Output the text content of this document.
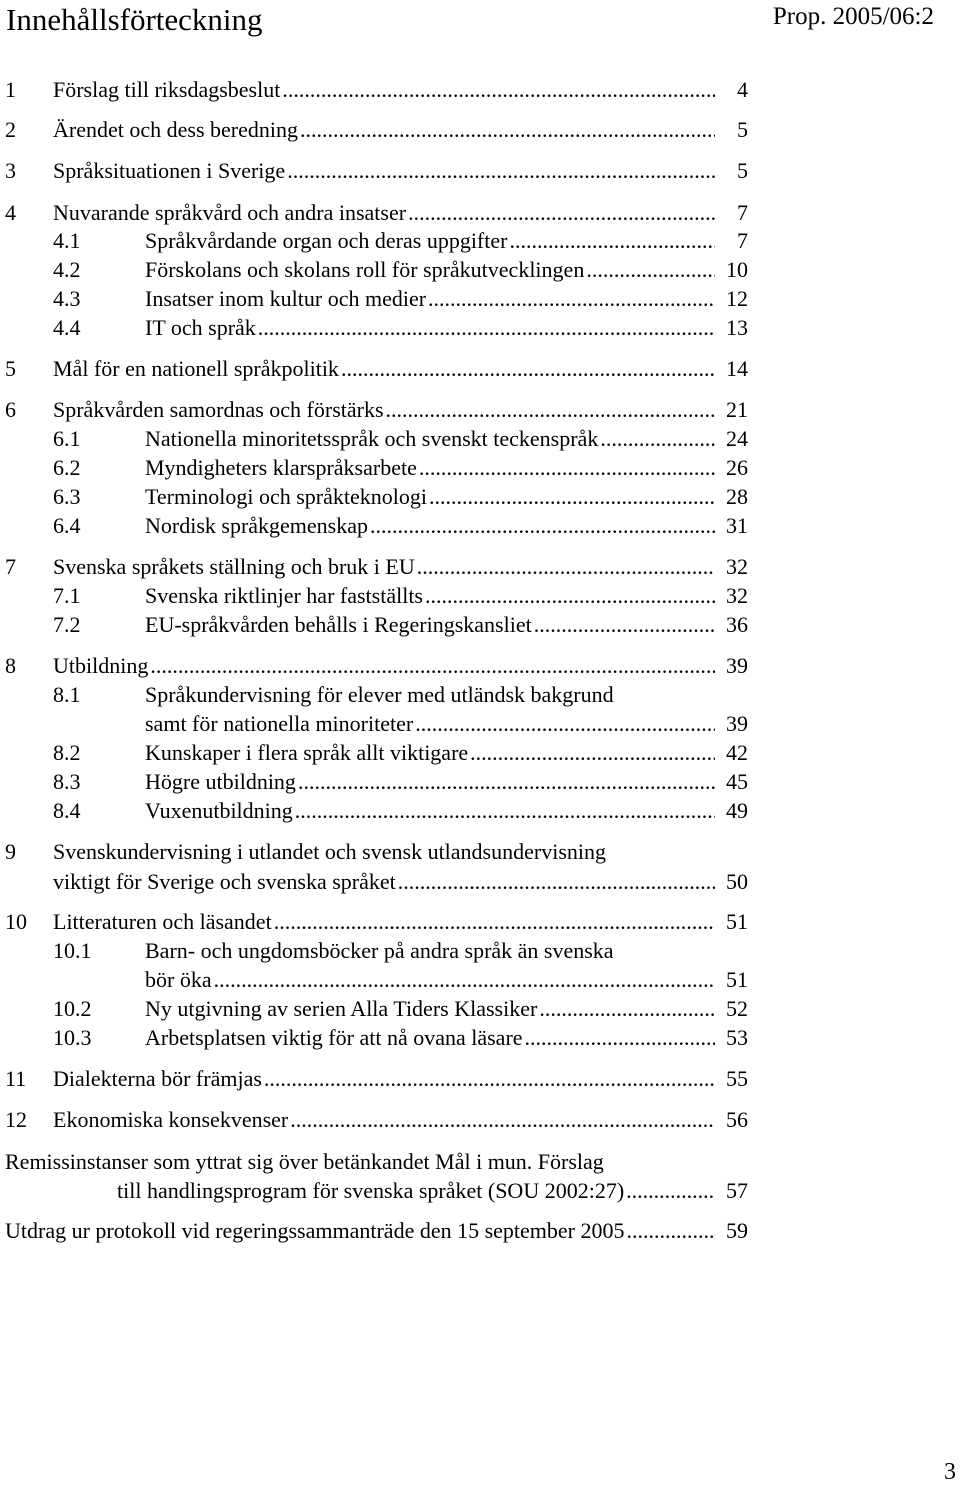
Innehållsförteckning	Prop. 2005/06:2
1 Förslag till riksdagsbeslut .....	4
2 Ärendet och dess beredning .....	5
3 Språksituationen i Sverige .....	5
4 Nuvarande språkvård och andra insatser .....	7
4.1	Språkvårdande organ och deras uppgifter .....	7
4.2	Förskolans och skolans roll för språkutvecklingen .....	10
4.3	Insatser inom kultur och medier .....	12
4.4	IT och språk .....	13
5 Mål för en nationell språkpolitik .....	14
6 Språkvården samordnas och förstärks .....	21
6.1	Nationella minoritetsspråk och svenskt teckenspråk .....	24
6.2	Myndigheters klarspråksarbete .....	26
6.3	Terminologi och språkteknologi .....	28
6.4	Nordisk språkgemenskap .....	31
7 Svenska språkets ställning och bruk i EU .....	32
7.1	Svenska riktlinjer har fastställts .....	32
7.2	EU-språkvården behålls i Regeringskansliet .....	36
8 Utbildning .....	39
8.1	Språkundervisning för elever med utländsk bakgrund
samt för nationella minoriteter .....	39
8.2	Kunskaper i flera språk allt viktigare .....	42
8.3	Högre utbildning .....	45
8.4	Vuxenutbildning .....	49
9 Svenskundervisning i utlandet och svensk utlandsundervisning
viktigt för Sverige och svenska språket .....	50
10 Litteraturen och läsandet .....	51
10.1 Barn- och ungdomsböcker på andra språk än svenska
bör öka .....	51
10.2 Ny utgivning av serien Alla Tiders Klassiker .....	52
10.3 Arbetsplatsen viktig för att nå ovana läsare .....	53
11 Dialekterna bör främjas .....	55
12 Ekonomiska konsekvenser .....	56
Remissinstanser som yttrat sig över betänkandet Mål i mun. Förslag
till handlingsprogram för svenska språket (SOU 2002:27) .....	57
Utdrag ur protokoll vid regeringssammanträde den 15 september 2005 .....	59
3
